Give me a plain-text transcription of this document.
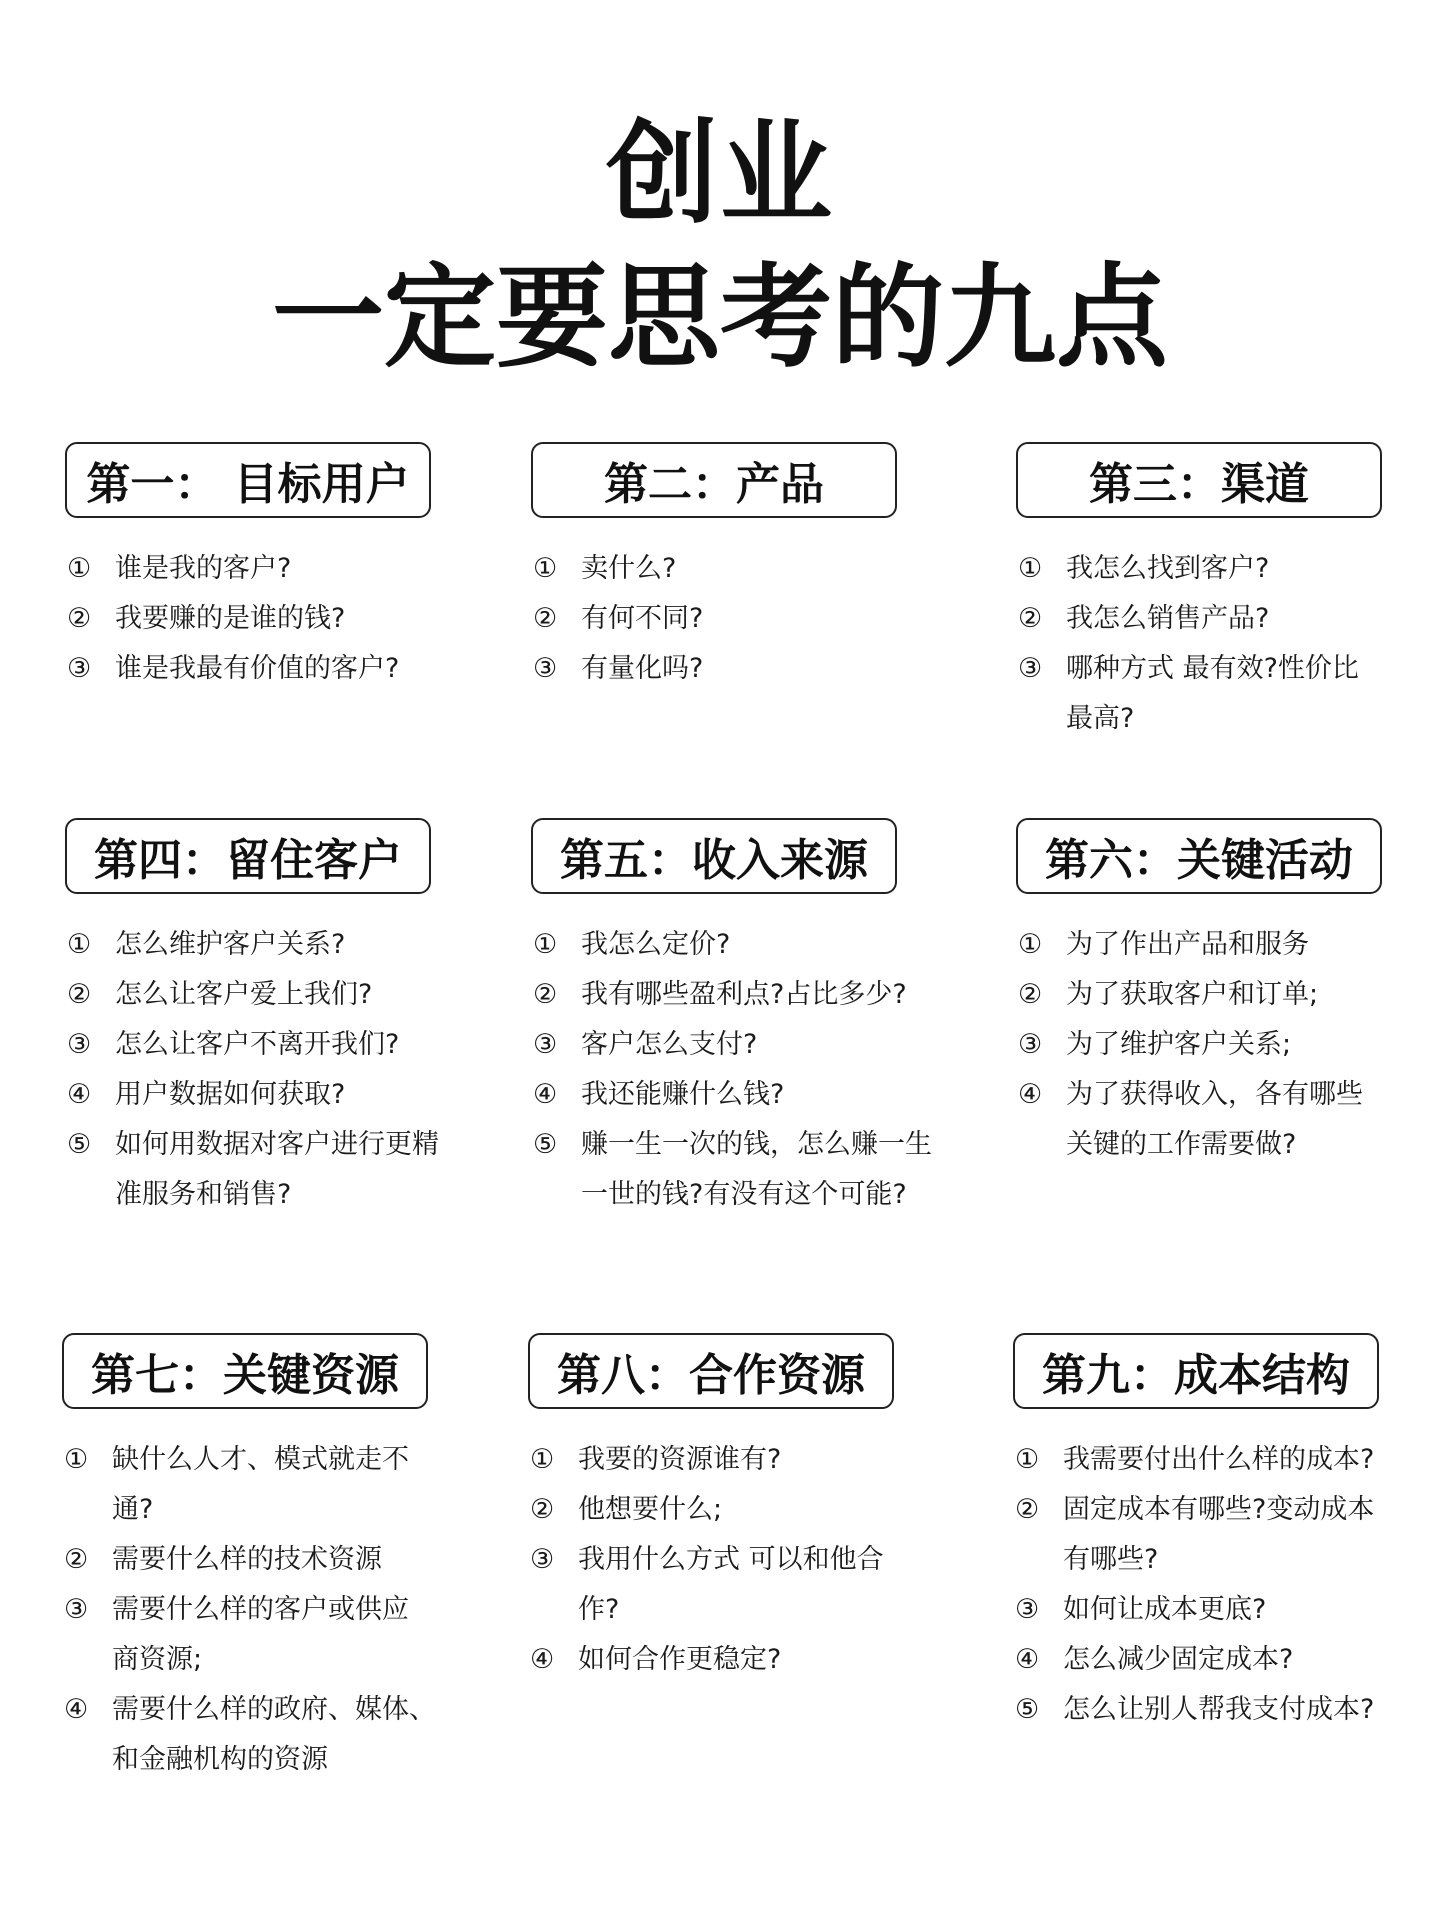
创业
一定要思考的九点
第一： 目标用户
① 谁是我的客户?
② 我要赚的是谁的钱?
③ 谁是我最有价值的客户?
第二：产品
① 卖什么?
② 有何不同?
③ 有量化吗?
第三：渠道
① 我怎么找到客户?
② 我怎么销售产品?
③ 哪种方式 最有效?性价比
最高?
第四：留住客户
① 怎么维护客户关系?
② 怎么让客户爱上我们?
③ 怎么让客户不离开我们?
④ 用户数据如何获取?
⑤ 如何用数据对客户进行更精
准服务和销售?
第五：收入来源
① 我怎么定价?
② 我有哪些盈利点?占比多少?
③ 客户怎么支付?
④ 我还能赚什么钱?
⑤ 赚一生一次的钱，怎么赚一生
一世的钱?有没有这个可能?
第六：关键活动
① 为了作出产品和服务
② 为了获取客户和订单;
③ 为了维护客户关系;
④ 为了获得收入，各有哪些
关键的工作需要做?
第七：关键资源
① 缺什么人才、模式就走不
通?
② 需要什么样的技术资源
③ 需要什么样的客户或供应
商资源;
④ 需要什么样的政府、媒体、
和金融机构的资源
第八：合作资源
① 我要的资源谁有?
② 他想要什么;
③ 我用什么方式 可以和他合
作?
④ 如何合作更稳定?
第九：成本结构
① 我需要付出什么样的成本?
② 固定成本有哪些?变动成本
有哪些?
③ 如何让成本更底?
④ 怎么减少固定成本?
⑤ 怎么让别人帮我支付成本?
